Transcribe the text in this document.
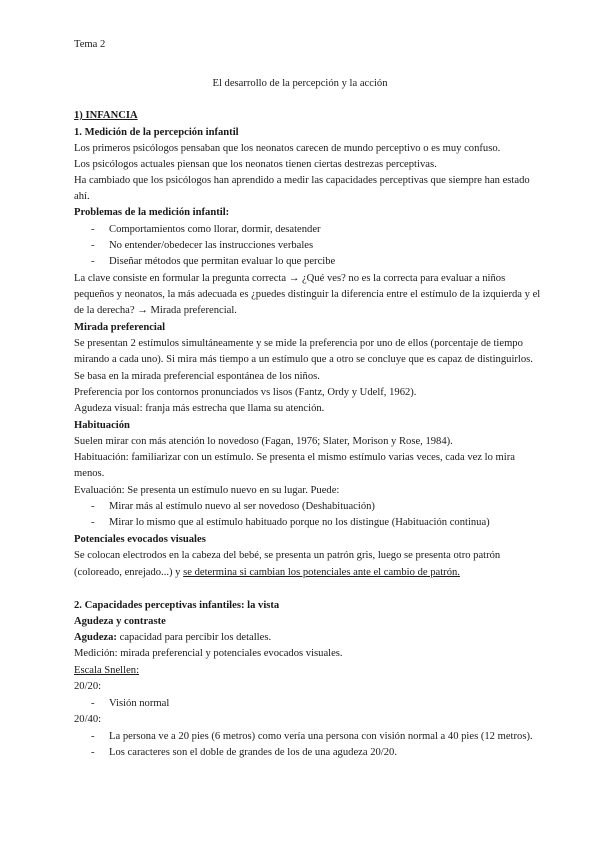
Tema 2
El desarrollo de la percepción y la acción
1) INFANCIA
1. Medición de la percepción infantil
Los primeros psicólogos pensaban que los neonatos carecen de mundo perceptivo o es muy confuso.
Los psicólogos actuales piensan que los neonatos tienen ciertas destrezas perceptivas.
Ha cambiado que los psicólogos han aprendido a medir las capacidades perceptivas que siempre han estado
ahí.
Problemas de la medición infantil:
- Comportamientos como llorar, dormir, desatender
- No entender/obedecer las instrucciones verbales
- Diseñar métodos que permitan evaluar lo que percibe
La clave consiste en formular la pregunta correcta → ¿Qué ves? no es la correcta para evaluar a niños
pequeños y neonatos, la más adecuada es ¿puedes distinguir la diferencia entre el estímulo de la izquierda y el
de la derecha? → Mirada preferencial.
Mirada preferencial
Se presentan 2 estímulos simultáneamente y se mide la preferencia por uno de ellos (porcentaje de tiempo
mirando a cada uno). Si mira más tiempo a un estímulo que a otro se concluye que es capaz de distinguirlos.
Se basa en la mirada preferencial espontánea de los niños.
Preferencia por los contornos pronunciados vs lisos (Fantz, Ordy y Udelf, 1962).
Agudeza visual: franja más estrecha que llama su atención.
Habituación
Suelen mirar con más atención lo novedoso (Fagan, 1976; Slater, Morison y Rose, 1984).
Habituación: familiarizar con un estímulo. Se presenta el mismo estímulo varias veces, cada vez lo mira
menos.
Evaluación: Se presenta un estímulo nuevo en su lugar. Puede:
- Mirar más al estímulo nuevo al ser novedoso (Deshabituación)
- Mirar lo mismo que al estímulo habituado porque no los distingue (Habituación continua)
Potenciales evocados visuales
Se colocan electrodos en la cabeza del bebé, se presenta un patrón gris, luego se presenta otro patrón
(coloreado, enrejado...) y se determina si cambian los potenciales ante el cambio de patrón.
2. Capacidades perceptivas infantiles: la vista
Agudeza y contraste
Agudeza: capacidad para percibir los detalles.
Medición: mirada preferencial y potenciales evocados visuales.
Escala Snellen:
20/20:
- Visión normal
20/40:
- La persona ve a 20 pies (6 metros) como vería una persona con visión normal a 40 pies (12 metros).
- Los caracteres son el doble de grandes de los de una agudeza 20/20.
